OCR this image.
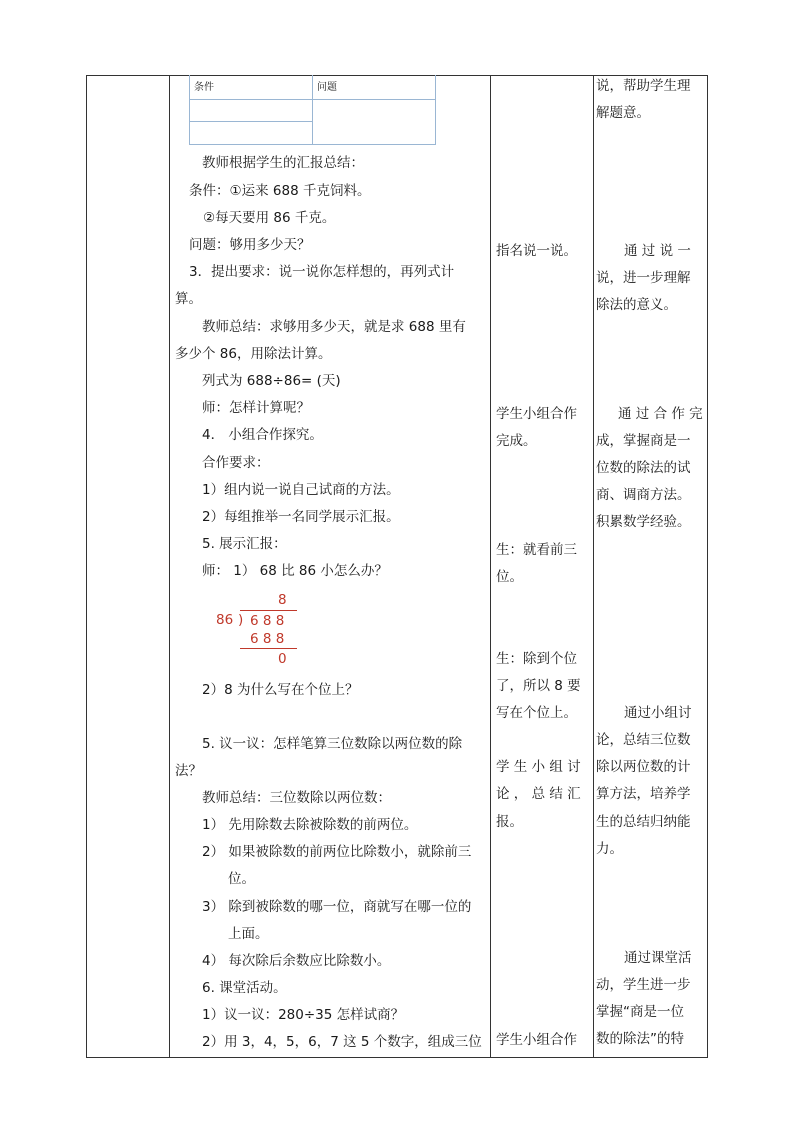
条件	问题
教师根据学生的汇报总结：
条件：①运来 688 千克饲料。
②每天要用 86 千克。
问题：够用多少天？
3．提出要求：说一说你怎样想的，再列式计
算。
教师总结：求够用多少天，就是求 688 里有
多少个 86，用除法计算。
列式为 688÷86= (天)
师：怎样计算呢？
4． 小组合作探究。
合作要求：
1）组内说一说自己试商的方法。
2）每组推举一名同学展示汇报。
5. 展示汇报：
师： 1） 68 比 86 小怎么办？
8
86 ) 6 8 8
6 8 8
0
2）8 为什么写在个位上？
5. 议一议：怎样笔算三位数除以两位数的除
法？
教师总结：三位数除以两位数：
1） 先用除数去除被除数的前两位。
2） 如果被除数的前两位比除数小，就除前三
位。
3） 除到被除数的哪一位，商就写在哪一位的
上面。
4） 每次除后余数应比除数小。
6. 课堂活动。
1）议一议：280÷35 怎样试商？
2）用 3，4，5，6，7 这 5 个数字，组成三位
指名说一说。
学生小组合作
完成。
生：就看前三
位。
生：除到个位
了，所以 8 要
写在个位上。
学 生 小 组 讨
论 ， 总 结 汇
报。
学生小组合作
说，帮助学生理
解题意。
通 过 说 一
说，进一步理解
除法的意义。
通 过 合 作 完
成，掌握商是一
位数的除法的试
商、调商方法。
积累数学经验。
通过小组讨
论，总结三位数
除以两位数的计
算方法，培养学
生的总结归纳能
力。
通过课堂活
动，学生进一步
掌握“商是一位
数的除法”的特
